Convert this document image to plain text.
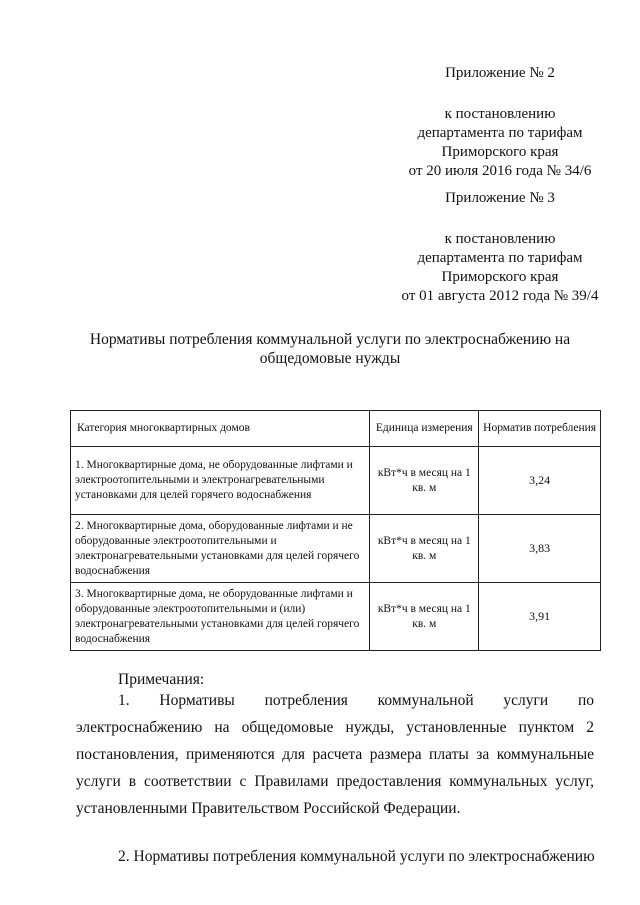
Приложение № 2
к постановлению
департамента по тарифам
Приморского края
от 20 июля 2016 года № 34/6
Приложение № 3
к постановлению
департамента по тарифам
Приморского края
от 01 августа 2012 года № 39/4
Нормативы потребления коммунальной услуги по электроснабжению на
общедомовые нужды
Категория многоквартирных домов	Единица измерения	Норматив потребления
1. Многоквартирные дома, не оборудованные лифтами и электроотопительными и электронагревательными установками для целей горячего водоснабжения	кВт*ч в месяц на 1 кв. м	3,24
2. Многоквартирные дома, оборудованные лифтами и не оборудованные электроотопительными и электронагревательными установками для целей горячего водоснабжения	кВт*ч в месяц на 1 кв. м	3,83
3. Многоквартирные дома, не оборудованные лифтами и оборудованные электроотопительными и (или) электронагревательными установками для целей горячего водоснабжения	кВт*ч в месяц на 1 кв. м	3,91
Примечания:
1. Нормативы потребления коммунальной услуги по электроснабжению на общедомовые нужды, установленные пунктом 2 постановления, применяются для расчета размера платы за коммунальные услуги в соответствии с Правилами предоставления коммунальных услуг, установленными Правительством Российской Федерации.
2. Нормативы потребления коммунальной услуги по электроснабжению
